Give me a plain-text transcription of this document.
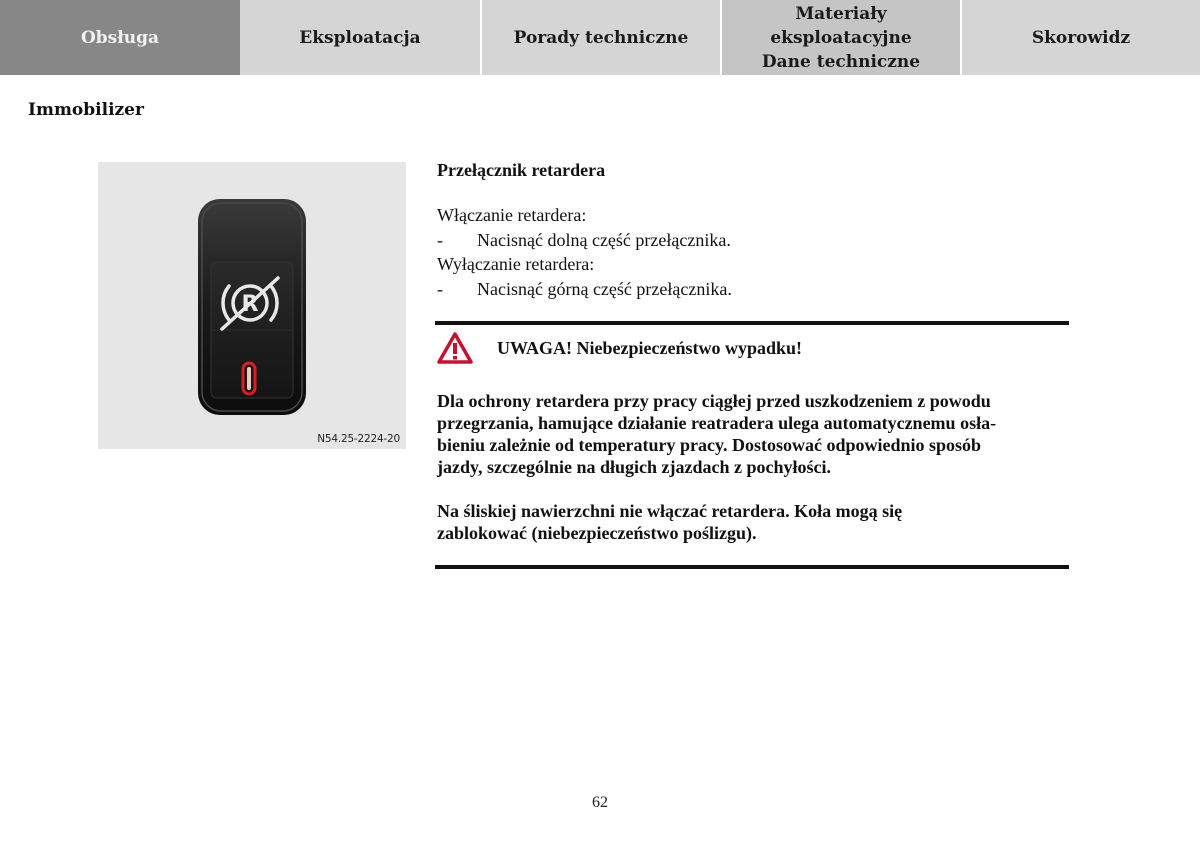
Obsługa	Eksploatacja	Porady techniczne
Materiały eksploatacyjne
Dane techniczne
Skorowidz
Immobilizer
R
N54.25-2224-20
Przełącznik retardera
Włączanie retardera:
-	Nacisnąć dolną część przełącznika.
Wyłączanie retardera:
-	Nacisnąć górną część przełącznika.
UWAGA! Niebezpieczeństwo wypadku!

Dla ochrony retardera przy pracy ciągłej przed uszkodzeniem z powodu
przegrzania, hamujące działanie reatradera ulega automatycznemu osła-
bieniu zależnie od temperatury pracy. Dostosować odpowiednio sposób
jazdy, szczególnie na długich zjazdach z pochyłości.

Na śliskiej nawierzchni nie włączać retardera. Koła mogą się
zablokować (niebezpieczeństwo poślizgu).

62
